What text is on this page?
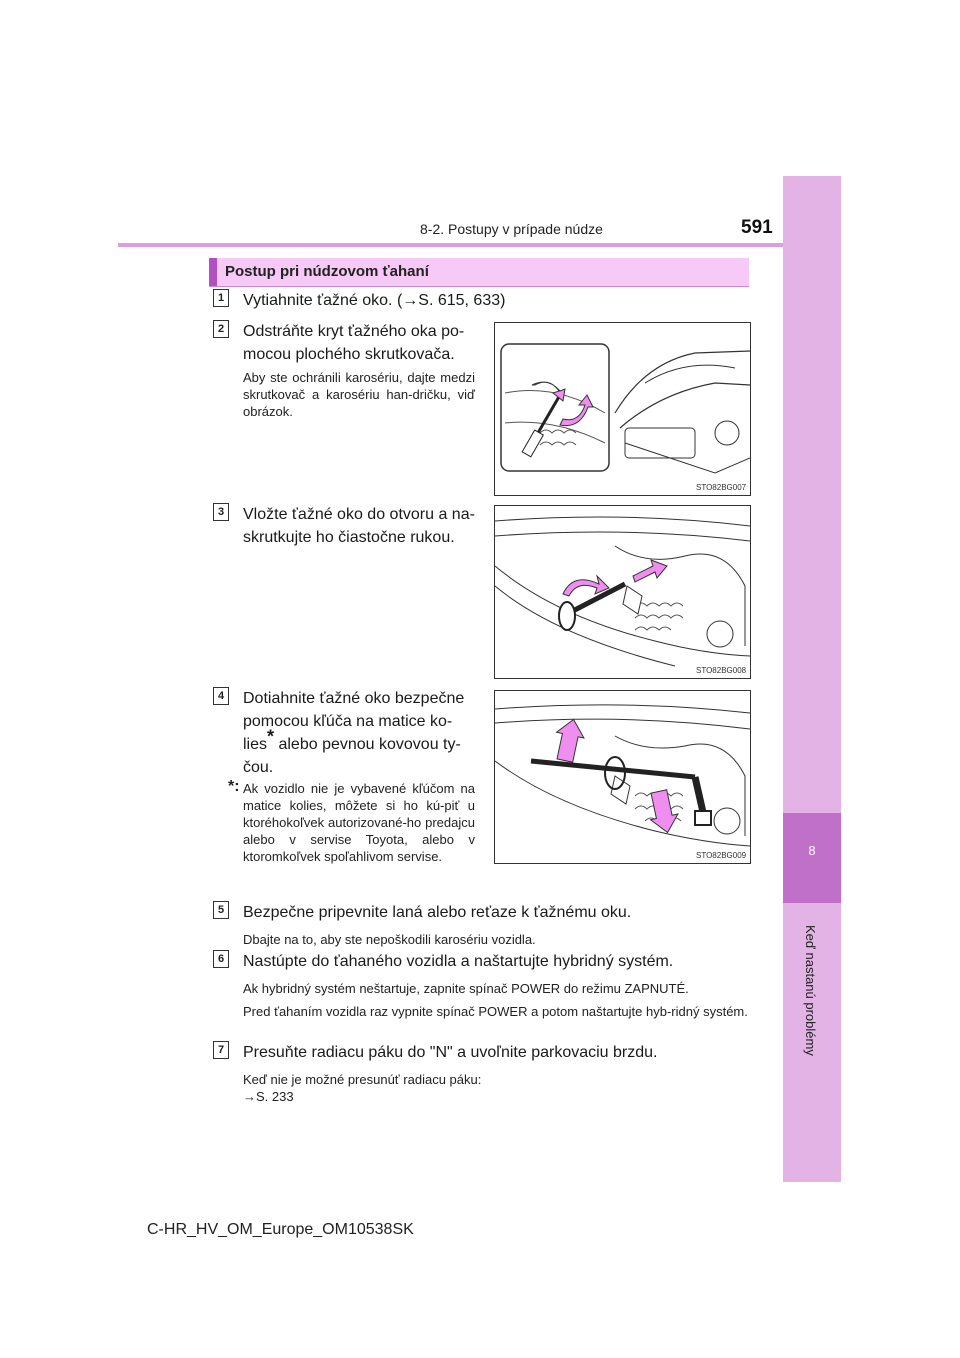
8
Keď nastanú problémy
8-2. Postupy v prípade núdze	591
Postup pri núdzovom ťahaní
1	Vytiahnite ťažné oko. (→S. 615, 633)
2	Odstráňte kryt ťažného oka po-
mocou plochého skrutkovača.
Aby ste ochránili karosériu, dajte medzi skrutkovač a karosériu han-dričku, viď obrázok.
STO82BG007
3	Vložte ťažné oko do otvoru a na-
skrutkujte ho čiastočne rukou.
STO82BG008
4	Dotiahnite ťažné oko bezpečne
pomocou kľúča na matice ko-
lies* alebo pevnou kovovou ty-
čou.
*: Ak vozidlo nie je vybavené kľúčom na matice kolies, môžete si ho kú-piť u ktoréhokoľvek autorizované-ho predajcu alebo v servise Toyota, alebo v ktoromkoľvek spoľahlivom servise.	STO82BG009
5	Bezpečne pripevnite laná alebo reťaze k ťažnému oku.
Dbajte na to, aby ste nepoškodili karosériu vozidla.
6	Nastúpte do ťahaného vozidla a naštartujte hybridný systém.
Ak hybridný systém neštartuje, zapnite spínač POWER do režimu ZAPNUTÉ.
Pred ťahaním vozidla raz vypnite spínač POWER a potom naštartujte hyb-ridný systém.
7	Presuňte radiacu páku do "N" a uvoľnite parkovaciu brzdu.
Keď nie je možné presunúť radiacu páku:
→S. 233
C-HR_HV_OM_Europe_OM10538SK
